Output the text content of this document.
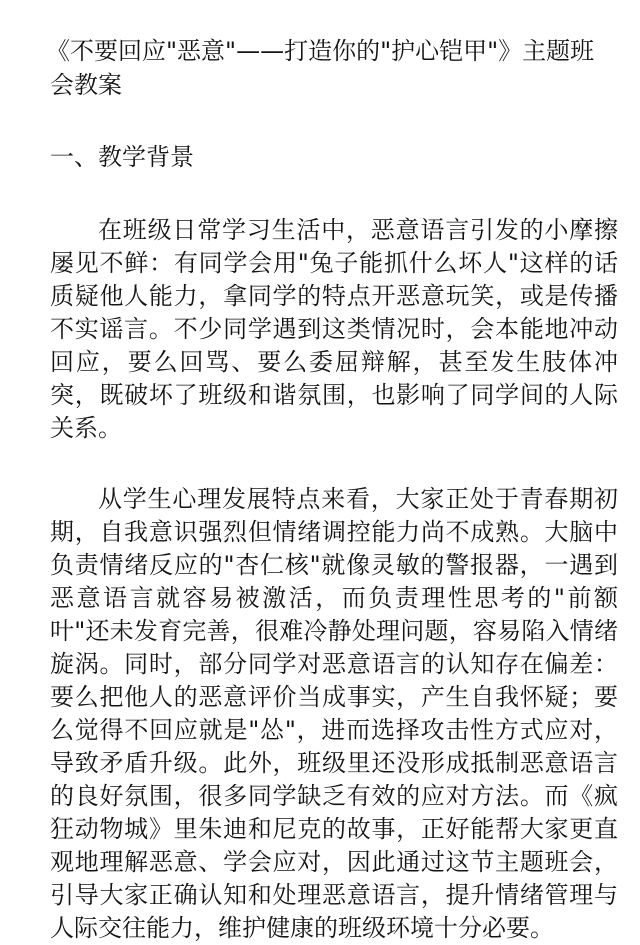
《不要回应"恶意"——打造你的"护心铠甲"》主题班会教案
一、教学背景

在班级日常学习生活中，恶意语言引发的小摩擦屡见不鲜：有同学会用"兔子能抓什么坏人"这样的话质疑他人能力，拿同学的特点开恶意玩笑，或是传播不实谣言。不少同学遇到这类情况时，会本能地冲动回应，要么回骂、要么委屈辩解，甚至发生肢体冲突，既破坏了班级和谐氛围，也影响了同学间的人际关系。

从学生心理发展特点来看，大家正处于青春期初期，自我意识强烈但情绪调控能力尚不成熟。大脑中负责情绪反应的"杏仁核"就像灵敏的警报器，一遇到恶意语言就容易被激活，而负责理性思考的"前额叶"还未发育完善，很难冷静处理问题，容易陷入情绪旋涡。同时，部分同学对恶意语言的认知存在偏差：要么把他人的恶意评价当成事实，产生自我怀疑；要么觉得不回应就是"怂"，进而选择攻击性方式应对，导致矛盾升级。此外，班级里还没形成抵制恶意语言的良好氛围，很多同学缺乏有效的应对方法。而《疯狂动物城》里朱迪和尼克的故事，正好能帮大家更直观地理解恶意、学会应对，因此通过这节主题班会，引导大家正确认知和处理恶意语言，提升情绪管理与人际交往能力，维护健康的班级环境十分必要。
